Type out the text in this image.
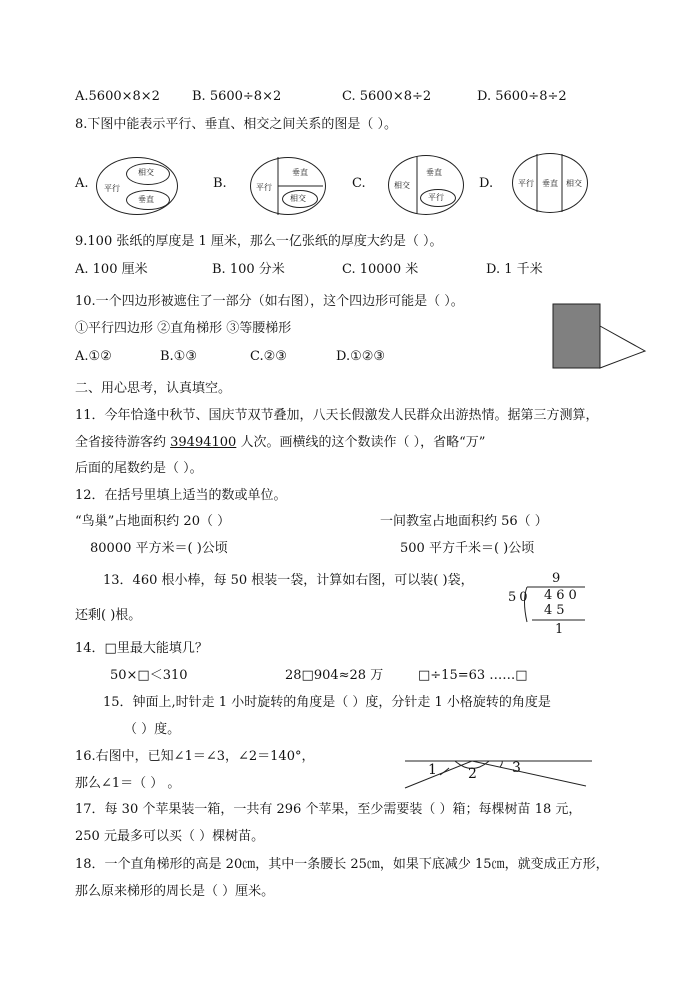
A.5600×8×2 B. 5600÷8×2	C. 5600×8÷2	D. 5600÷8÷2
8.下图中能表示平行、垂直、相交之间关系的图是（ ）。
A.
相交
平行
垂直
B.
垂直
平行
相交
C.
垂直
相交
平行
D.	平行 垂直 相交
9.100 张纸的厚度是 1 厘米，那么一亿张纸的厚度大约是（ ）。
A. 100 厘米	B. 100 分米	C. 10000 米	D. 1 千米
10.一个四边形被遮住了一部分（如右图），这个四边形可能是（ ）。
①平行四边形 ②直角梯形 ③等腰梯形
A.①②	B.①③	C.②③	D.①②③
二、用心思考，认真填空。
11．今年恰逢中秋节、国庆节双节叠加，八天长假激发人民群众出游热情。据第三方测算，
全省接待游客约 39494100 人次。画横线的这个数读作（ ），省略“万”
后面的尾数约是（ ）。
12．在括号里填上适当的数或单位。
“鸟巢”占地面积约 20（ ）	一间教室占地面积约 56（ ）
80000 平方米＝( )公顷	500 平方千米＝( )公顷
13．460 根小棒，每 50 根装一袋，计算如右图，可以装( )袋，
还剩( )根。
9
50 460
45
1
14．□里最大能填几？
50×□＜310	28□904≈28 万	□÷15=63 ……□
15．钟面上,时针走 1 小时旋转的角度是（ ）度，分针走 1 小格旋转的角度是
（ ）度。
16.右图中，已知∠1＝∠3，∠2＝140°，
那么∠1＝（ ） 。
1 2	3
17．每 30 个苹果装一箱，一共有 296 个苹果，至少需要装（ ）箱；每棵树苗 18 元，
250 元最多可以买（ ）棵树苗。
18．一个直角梯形的高是 20㎝，其中一条腰长 25㎝，如果下底减少 15㎝，就变成正方形，
那么原来梯形的周长是（ ）厘米。
